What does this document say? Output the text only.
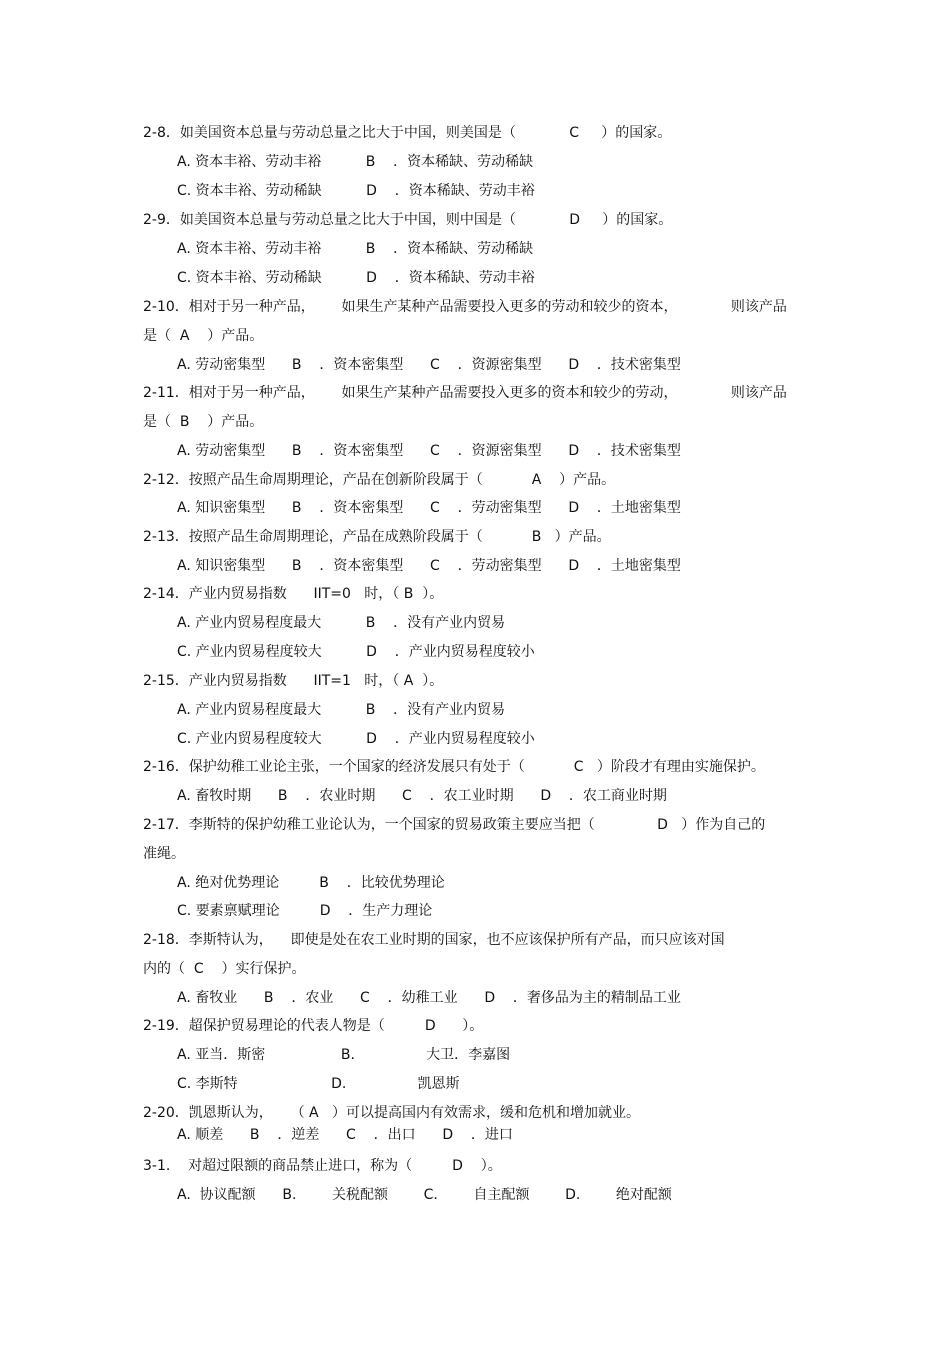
2-8．如美国资本总量与劳动总量之比大于中国，则美国是（            C     ）的国家。
A. 资本丰裕、劳动丰裕          B    ．资本稀缺、劳动稀缺
C. 资本丰裕、劳动稀缺          D    ．资本稀缺、劳动丰裕
2-9．如美国资本总量与劳动总量之比大于中国，则中国是（            D     ）的国家。
A. 资本丰裕、劳动丰裕          B    ．资本稀缺、劳动稀缺
C. 资本丰裕、劳动稀缺          D    ．资本稀缺、劳动丰裕
2-10．相对于另一种产品，      如果生产某种产品需要投入更多的劳动和较少的资本，            则该产品
是（  A    ）产品。
A. 劳动密集型      B    ．资本密集型      C    ．资源密集型      D    ．技术密集型
2-11．相对于另一种产品，      如果生产某种产品需要投入更多的资本和较少的劳动，            则该产品
是（  B    ）产品。
A. 劳动密集型      B    ．资本密集型      C    ．资源密集型      D    ．技术密集型
2-12．按照产品生命周期理论，产品在创新阶段属于（           A    ）产品。
A. 知识密集型      B    ．资本密集型      C    ．劳动密集型      D    ．土地密集型
2-13．按照产品生命周期理论，产品在成熟阶段属于（           B   ）产品。
A. 知识密集型      B    ．资本密集型      C    ．劳动密集型      D    ．土地密集型
2-14．产业内贸易指数      IIT=0   时，（ B  ）。
A. 产业内贸易程度最大          B    ．没有产业内贸易
C. 产业内贸易程度较大          D    ．产业内贸易程度较小
2-15．产业内贸易指数      IIT=1   时，（ A  ）。
A. 产业内贸易程度最大          B    ．没有产业内贸易
C. 产业内贸易程度较大          D    ．产业内贸易程度较小
2-16．保护幼稚工业论主张，一个国家的经济发展只有处于（           C   ）阶段才有理由实施保护。
A. 畜牧时期      B    ．农业时期      C    ．农工业时期      D    ．农工商业时期
2-17．李斯特的保护幼稚工业论认为，一个国家的贸易政策主要应当把（              D   ）作为自己的
准绳。
A. 绝对优势理论         B    ．比较优势理论
C. 要素禀赋理论         D    ．生产力理论
2-18．李斯特认为，    即使是处在农工业时期的国家，也不应该保护所有产品，而只应该对国
内的（  C    ）实行保护。
A. 畜牧业      B    ．农业      C    ．幼稚工业      D    ．奢侈品为主的精制品工业
2-19．超保护贸易理论的代表人物是（         D      ）。
A. 亚当．斯密                 B.                大卫．李嘉图
C. 李斯特                     D.                凯恩斯
2-20．凯恩斯认为，    （ A   ）可以提高国内有效需求，缓和危机和增加就业。
A. 顺差      B    ．逆差      C    ．出口      D    ．进口
3-1.    对超过限额的商品禁止进口，称为（         D    ）。
A.  协议配额      B.        关税配额        C.        自主配额        D.        绝对配额
